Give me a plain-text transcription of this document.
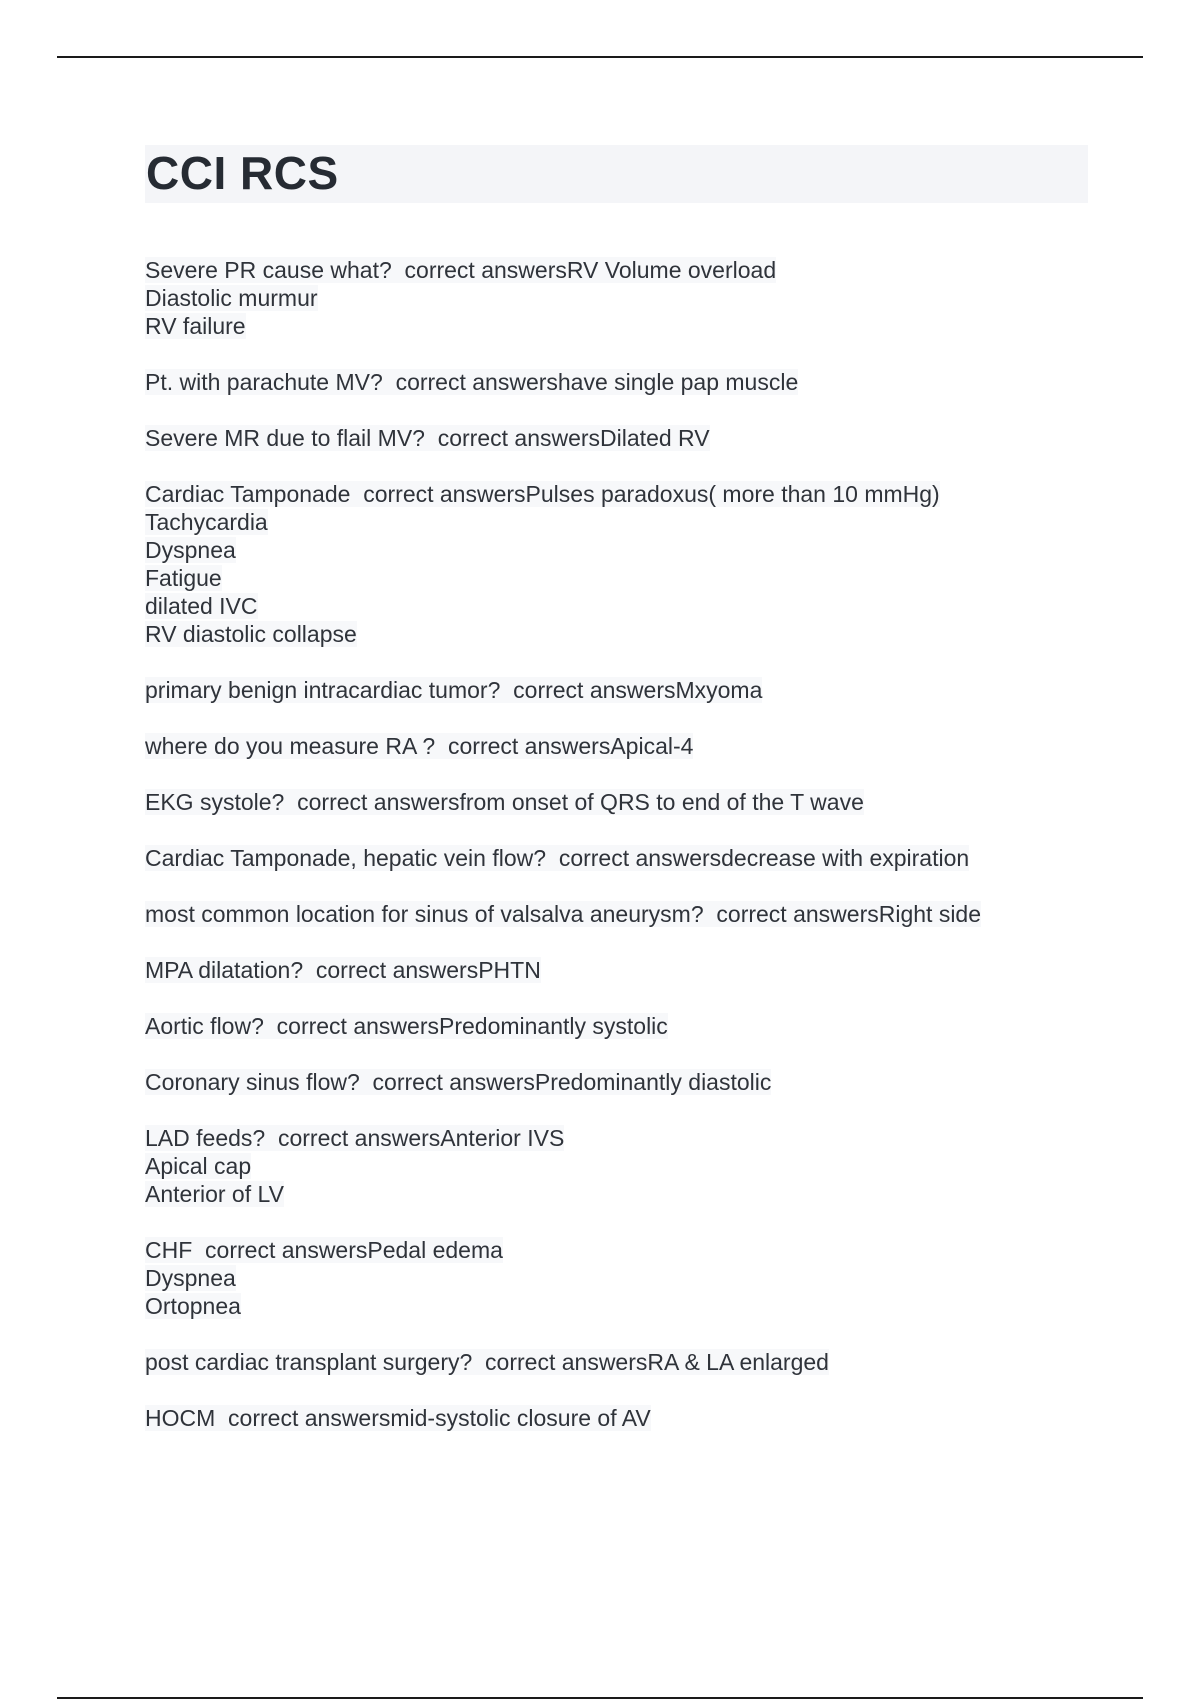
CCI RCS
Severe PR cause what?  correct answersRV Volume overload
Diastolic murmur
RV failure
Pt. with parachute MV?  correct answershave single pap muscle
Severe MR due to flail MV?  correct answersDilated RV
Cardiac Tamponade  correct answersPulses paradoxus( more than 10 mmHg)
Tachycardia
Dyspnea
Fatigue
dilated IVC
RV diastolic collapse
primary benign intracardiac tumor?  correct answersMxyoma
where do you measure RA ?  correct answersApical-4
EKG systole?  correct answersfrom onset of QRS to end of the T wave
Cardiac Tamponade, hepatic vein flow?  correct answersdecrease with expiration
most common location for sinus of valsalva aneurysm?  correct answersRight side
MPA dilatation?  correct answersPHTN
Aortic flow?  correct answersPredominantly systolic
Coronary sinus flow?  correct answersPredominantly diastolic
LAD feeds?  correct answersAnterior IVS
Apical cap
Anterior of LV
CHF  correct answersPedal edema
Dyspnea
Ortopnea
post cardiac transplant surgery?  correct answersRA & LA enlarged
HOCM  correct answersmid-systolic closure of AV
